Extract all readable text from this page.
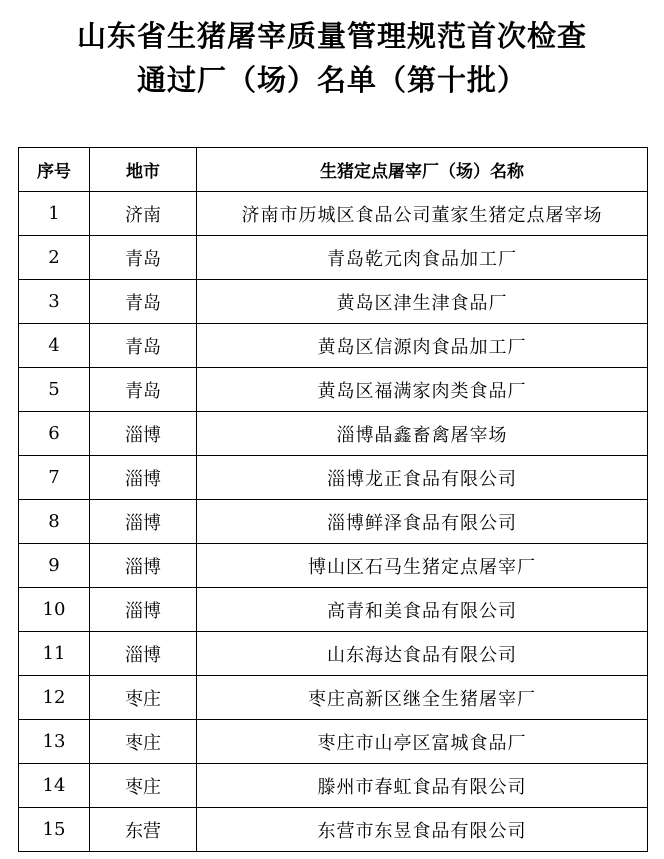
山东省生猪屠宰质量管理规范首次检查
通过厂（场）名单（第十批）
序号	地市	生猪定点屠宰厂（场）名称
1	济南	济南市历城区食品公司董家生猪定点屠宰场
2	青岛	青岛乾元肉食品加工厂
3	青岛	黄岛区津生津食品厂
4	青岛	黄岛区信源肉食品加工厂
5	青岛	黄岛区福满家肉类食品厂
6	淄博	淄博晶鑫畜禽屠宰场
7	淄博	淄博龙正食品有限公司
8	淄博	淄博鲜泽食品有限公司
9	淄博	博山区石马生猪定点屠宰厂
10	淄博	高青和美食品有限公司
11	淄博	山东海达食品有限公司
12	枣庄	枣庄高新区继全生猪屠宰厂
13	枣庄	枣庄市山亭区富城食品厂
14	枣庄	滕州市春虹食品有限公司
15	东营	东营市东昱食品有限公司
